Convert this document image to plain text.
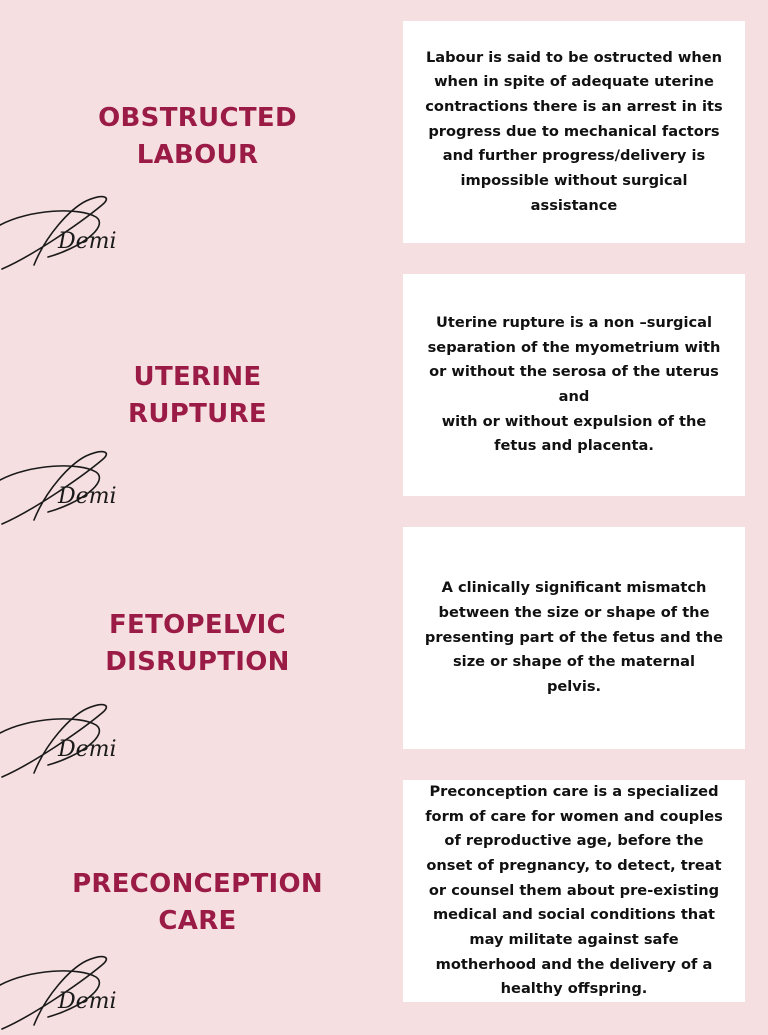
OBSTRUCTED
LABOUR
Demi
Labour is said to be ostructed when when in spite of adequate uterine contractions there is an arrest in its progress due to mechanical factors and further progress/delivery is impossible without surgical assistance
UTERINE
RUPTURE
Demi
Uterine rupture is a non –surgical separation of the myometrium with or without the serosa of the uterus and
with or without expulsion of the fetus and placenta.
FETOPELVIC
DISRUPTION
Demi
A clinically significant mismatch between the size or shape of the presenting part of the fetus and the size or shape of the maternal pelvis.
PRECONCEPTION
CARE
Demi
Preconception care is a specialized form of care for women and couples of reproductive age, before the onset of pregnancy, to detect, treat or counsel them about pre-existing medical and social conditions that may militate against safe motherhood and the delivery of a healthy offspring.
